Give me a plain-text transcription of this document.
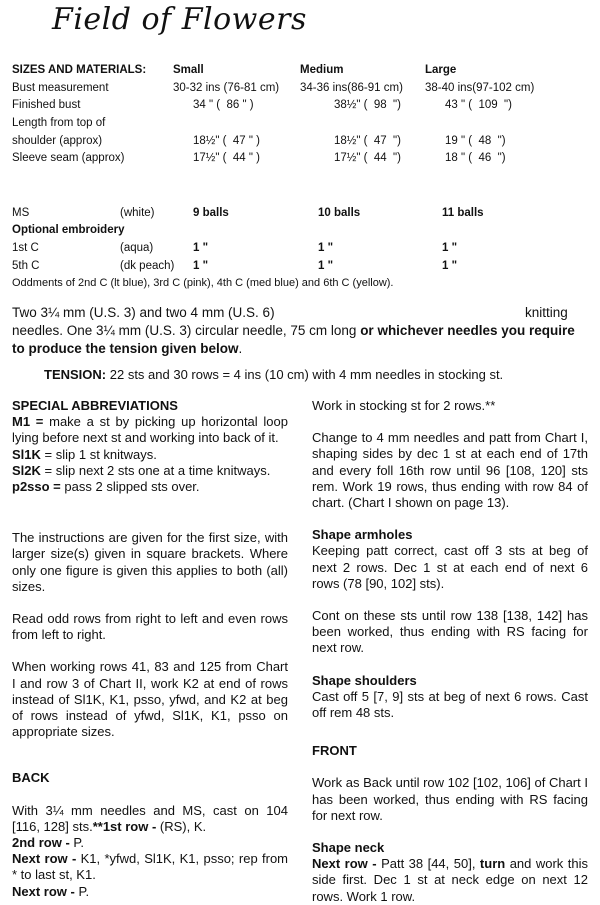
Field of Flowers
SIZES AND MATERIALS: Small	Medium	Large
Bust measurement	30-32 ins (76-81 cm) 34-36 ins(86-91 cm) 38-40 ins(97-102 cm)
Finished bust	34 " (  86 " )	38½" (  98  ")	43 " (  109  ")
Length from top of
shoulder (approx)	18½" (  47 " )	18½" (  47  ")	19 " (  48  ")
Sleeve seam (approx)	17½" (  44 " )	17½" (  44  ")	18 " (  46  ")
MS	(white)	9 balls	10 balls	11 balls
Optional embroidery
1st C	(aqua)	1 "	1 "	1 "
5th C	(dk peach) 1 "	1 "	1 "
Oddments of 2nd C (lt blue), 3rd C (pink), 4th C (med blue) and 6th C (yellow).
Two 3¼ mm (U.S. 3) and two 4 mm (U.S. 6)	knitting
needles. One 3¼ mm (U.S. 3) circular needle, 75 cm long or whichever needles you require to produce the tension given below.
TENSION: 22 sts and 30 rows = 4 ins (10 cm) with 4 mm needles in stocking st.

SPECIAL ABBREVIATIONS

M1 = make a st by picking up horizontal loop lying before next st and working into back of it.

Sl1K = slip 1 st knitways.

Sl2K = slip next 2 sts one at a time knitways.

p2sso = pass 2 slipped sts over.

The instructions are given for the first size, with larger size(s) given in square brackets. Where only one figure is given this applies to both (all) sizes.

Read odd rows from right to left and even rows from left to right.

When working rows 41, 83 and 125 from Chart I and row 3 of Chart II, work K2 at end of rows instead of Sl1K, K1, psso, yfwd, and K2 at beg of rows instead of yfwd, Sl1K, K1, psso on appropriate sizes.

BACK

With 3¼ mm needles and MS, cast on 104 [116, 128] sts.**1st row - (RS), K.

2nd row - P.

Next row - K1, *yfwd, Sl1K, K1, psso; rep from * to last st, K1.

Next row - P.

Work in stocking st for 2 rows.**

Change to 4 mm needles and patt from Chart I, shaping sides by dec 1 st at each end of 17th and every foll 16th row until 96 [108, 120] sts rem. Work 19 rows, thus ending with row 84 of chart. (Chart I shown on page 13).

Shape armholes

Keeping patt correct, cast off 3 sts at beg of next 2 rows. Dec 1 st at each end of next 6 rows (78 [90, 102] sts).

Cont on these sts until row 138 [138, 142] has been worked, thus ending with RS facing for next row.

Shape shoulders

Cast off 5 [7, 9] sts at beg of next 6 rows. Cast off rem 48 sts.

FRONT

Work as Back until row 102 [102, 106] of Chart I has been worked, thus ending with RS facing for next row.

Shape neck

Next row - Patt 38 [44, 50], turn and work this side first. Dec 1 st at neck edge on next 12 rows. Work 1 row.
